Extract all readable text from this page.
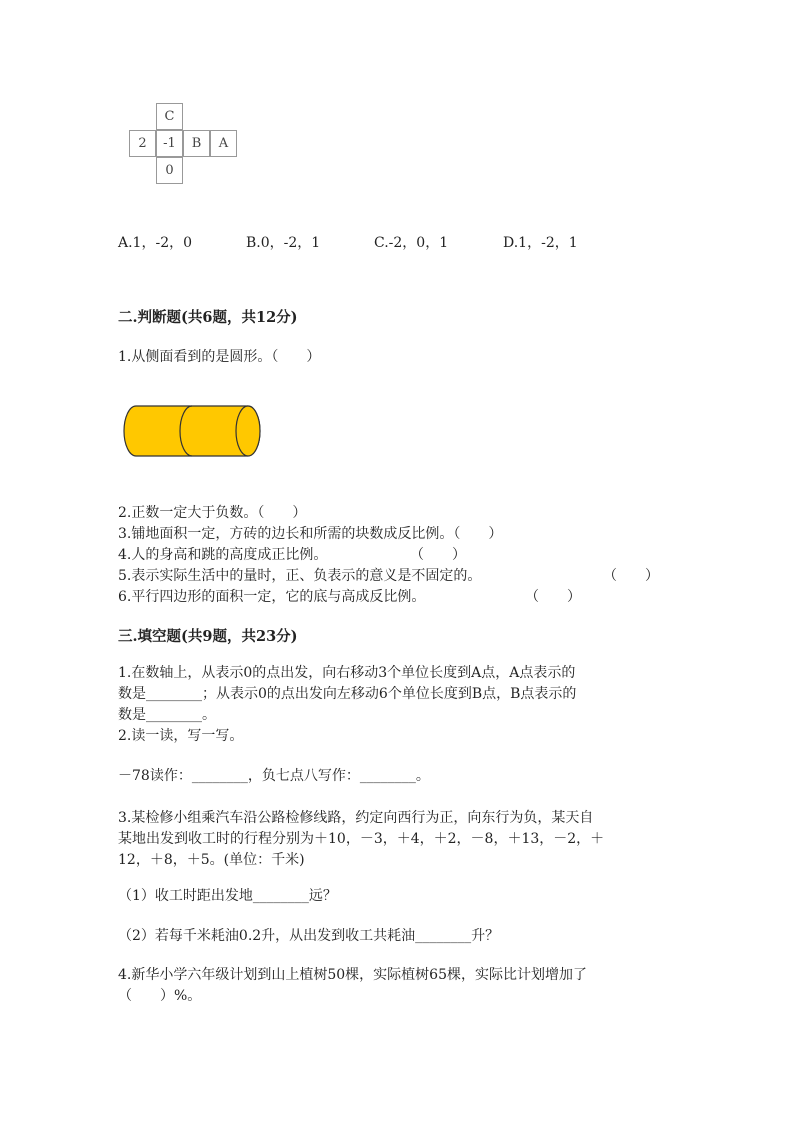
C
2	-1	B	A
0
A.1，-2，0	B.0，-2，1	C.-2，0，1	D.1，-2，1
二.判断题(共6题，共12分)
1.从侧面看到的是圆形。（　　）
2.正数一定大于负数。（　　）
3.铺地面积一定，方砖的边长和所需的块数成反比例。（　　）
4.人的身高和跳的高度成正比例。	（　　）
5.表示实际生活中的量时，正、负表示的意义是不固定的。	（　　）
6.平行四边形的面积一定，它的底与高成反比例。	（　　）
三.填空题(共9题，共23分)
1.在数轴上，从表示0的点出发，向右移动3个单位长度到A点，A点表示的
数是________；从表示0的点出发向左移动6个单位长度到B点，B点表示的
数是________。
2.读一读，写一写。
－78读作：________，负七点八写作：________。
3.某检修小组乘汽车沿公路检修线路，约定向西行为正，向东行为负，某天自
某地出发到收工时的行程分别为＋10，－3，＋4，＋2，－8，＋13，－2，＋
12，＋8，＋5。(单位：千米)
（1）收工时距出发地________远？
（2）若每千米耗油0.2升，从出发到收工共耗油________升？
4.新华小学六年级计划到山上植树50棵，实际植树65棵，实际比计划增加了
（　　）%。
